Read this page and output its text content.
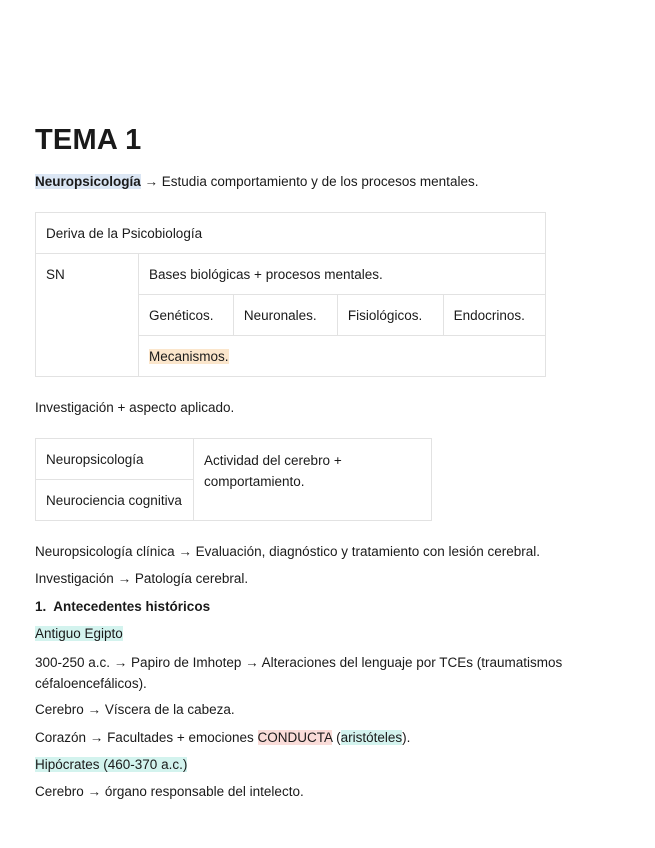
TEMA 1
Neuropsicología → Estudia comportamiento y de los procesos mentales.
Deriva de la Psicobiología				
SN	Bases biológicas + procesos mentales.			
	Genéticos.	Neuronales.	Fisiológicos.	Endocrinos.
	Mecanismos.			
Investigación + aspecto aplicado.
Neuropsicología	Actividad del cerebro + comportamiento.
Neurociencia cognitiva
Neuropsicología clínica → Evaluación, diagnóstico y tratamiento con lesión cerebral.
Investigación → Patología cerebral.
1. Antecedentes históricos
Antiguo Egipto
300-250 a.c. → Papiro de Imhotep → Alteraciones del lenguaje por TCEs (traumatismos céfaloencefálicos).
Cerebro → Víscera de la cabeza.
Corazón → Facultades + emociones CONDUCTA (aristóteles).
Hipócrates (460-370 a.c.)
Cerebro → órgano responsable del intelecto.
